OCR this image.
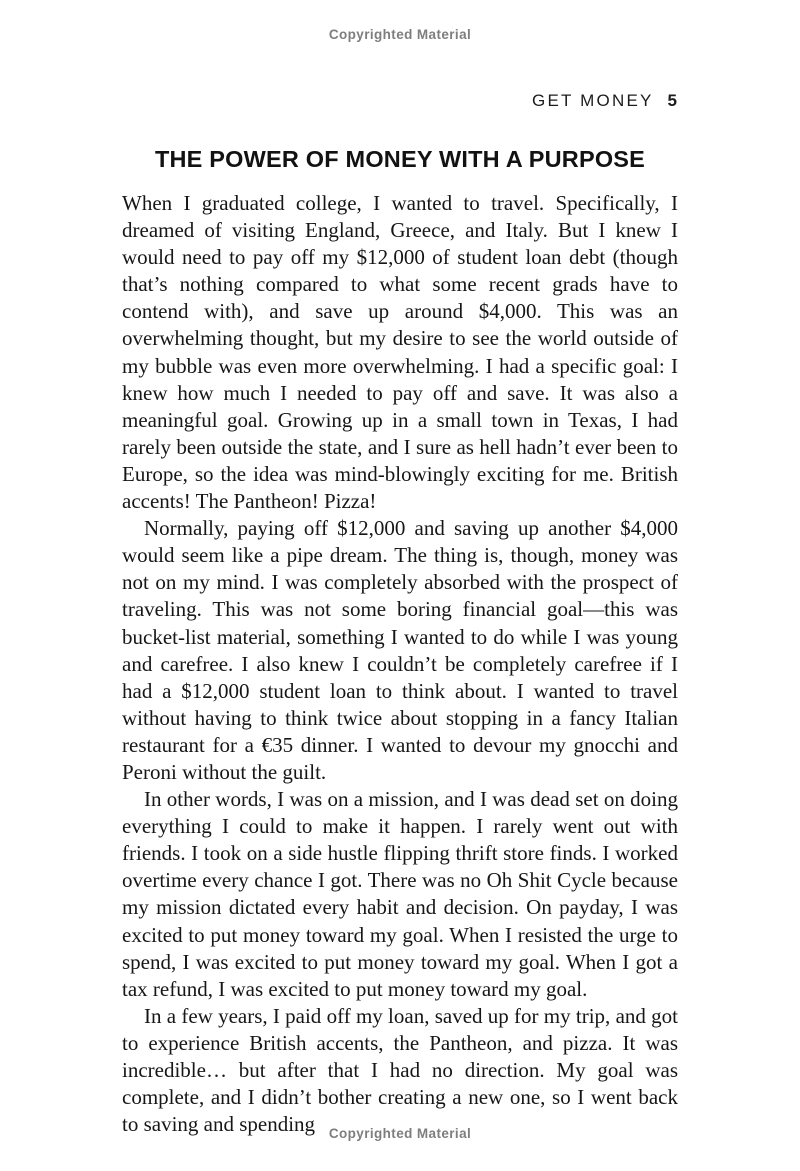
Copyrighted Material
GET MONEY 5
THE POWER OF MONEY WITH A PURPOSE

When I graduated college, I wanted to travel. Specifically, I dreamed of visiting England, Greece, and Italy. But I knew I would need to pay off my $12,000 of student loan debt (though that’s nothing compared to what some recent grads have to contend with), and save up around $4,000. This was an overwhelming thought, but my desire to see the world outside of my bubble was even more overwhelming. I had a specific goal: I knew how much I needed to pay off and save. It was also a meaningful goal. Growing up in a small town in Texas, I had rarely been outside the state, and I sure as hell hadn’t ever been to Europe, so the idea was mind-blowingly exciting for me. British accents! The Pantheon! Pizza!

Normally, paying off $12,000 and saving up another $4,000 would seem like a pipe dream. The thing is, though, money was not on my mind. I was completely absorbed with the prospect of traveling. This was not some boring financial goal—this was bucket-list material, something I wanted to do while I was young and carefree. I also knew I couldn’t be completely carefree if I had a $12,000 student loan to think about. I wanted to travel without having to think twice about stopping in a fancy Italian restaurant for a €35 dinner. I wanted to devour my gnocchi and Peroni without the guilt.

In other words, I was on a mission, and I was dead set on doing everything I could to make it happen. I rarely went out with friends. I took on a side hustle flipping thrift store finds. I worked overtime every chance I got. There was no Oh Shit Cycle because my mission dictated every habit and decision. On payday, I was excited to put money toward my goal. When I resisted the urge to spend, I was excited to put money toward my goal. When I got a tax refund, I was excited to put money toward my goal.

In a few years, I paid off my loan, saved up for my trip, and got to experience British accents, the Pantheon, and pizza. It was incredible… but after that I had no direction. My goal was complete, and I didn’t bother creating a new one, so I went back to saving and spending	Copyrighted Material
